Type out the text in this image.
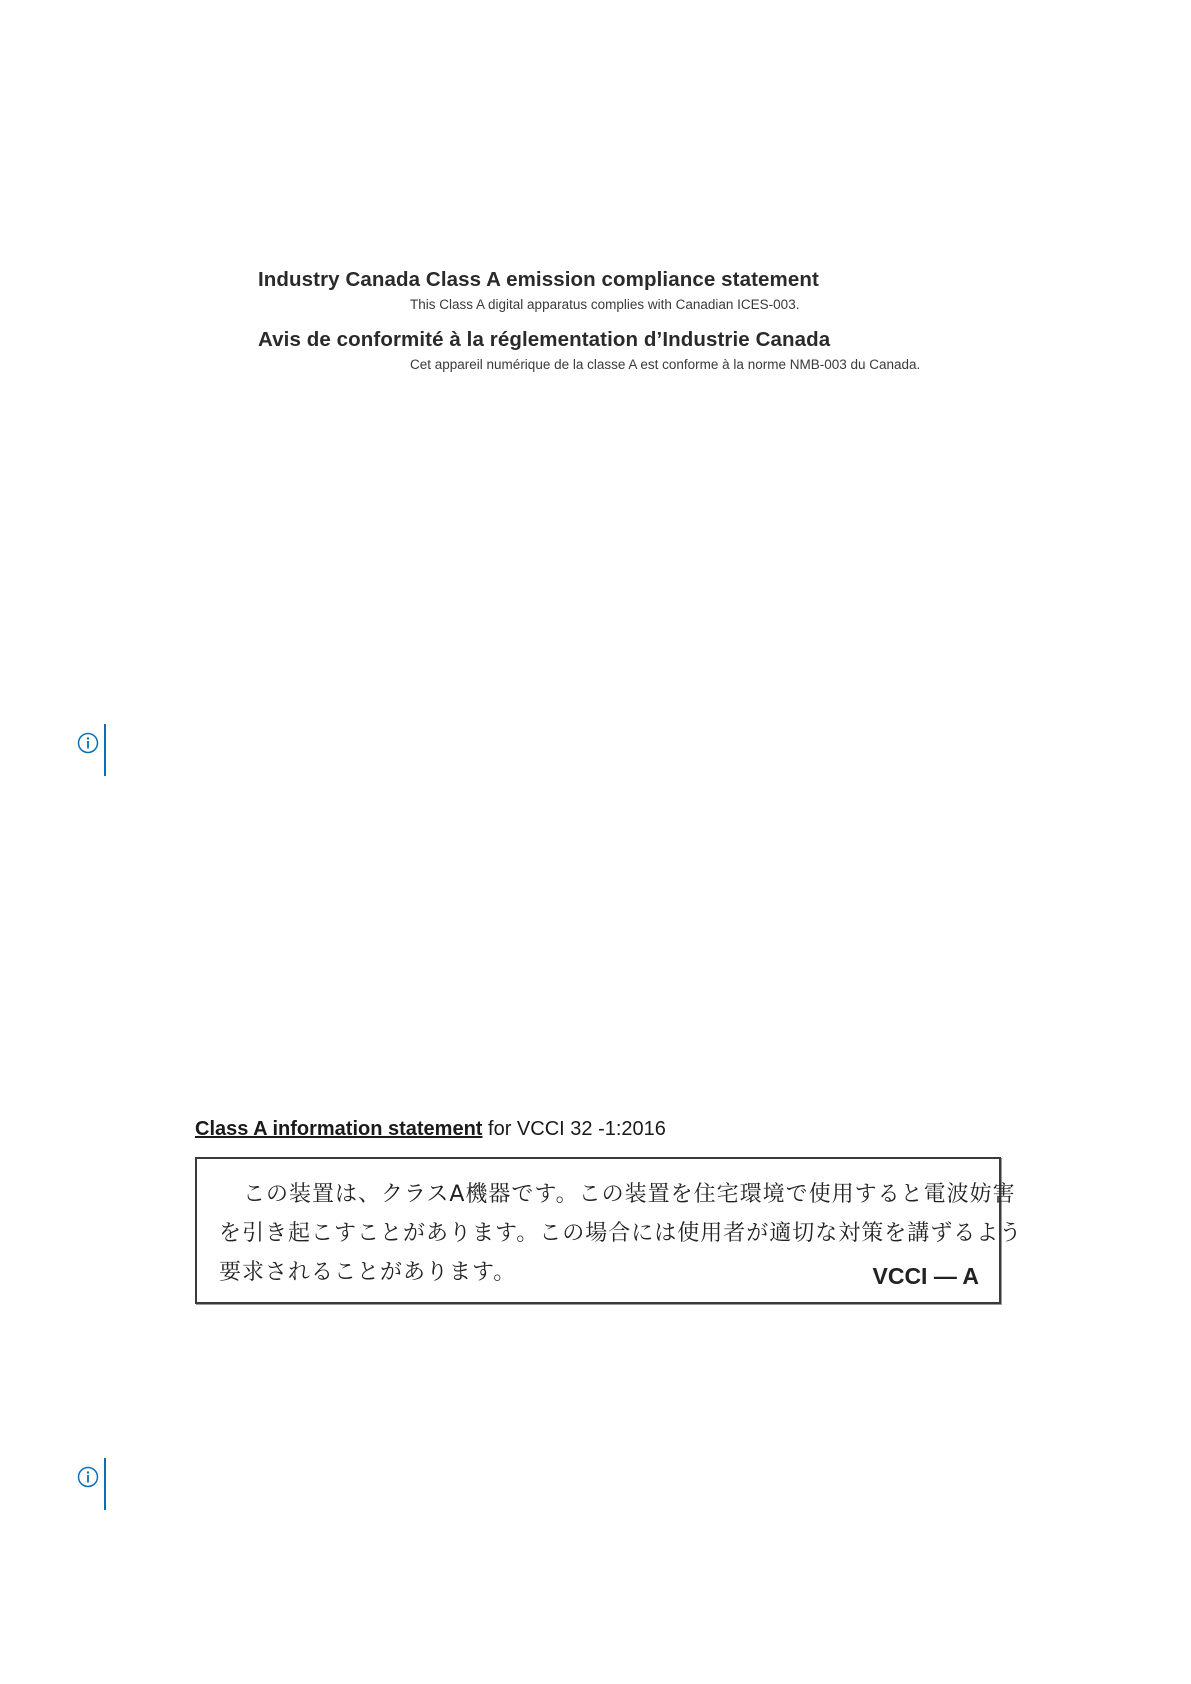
Industry Canada Class A emission compliance statement

This Class A digital apparatus complies with Canadian ICES-003.

Avis de conformité à la réglementation d’Industrie Canada

Cet appareil numérique de la classe A est conforme à la norme NMB-003 du Canada.

Class A information statement for VCCI 32 -1:2016
この装置は、クラスA機器です。この装置を住宅環境で使用すると電波妨害
を引き起こすことがあります。この場合には使用者が適切な対策を講ずるよう
要求されることがあります。	VCCI — A
